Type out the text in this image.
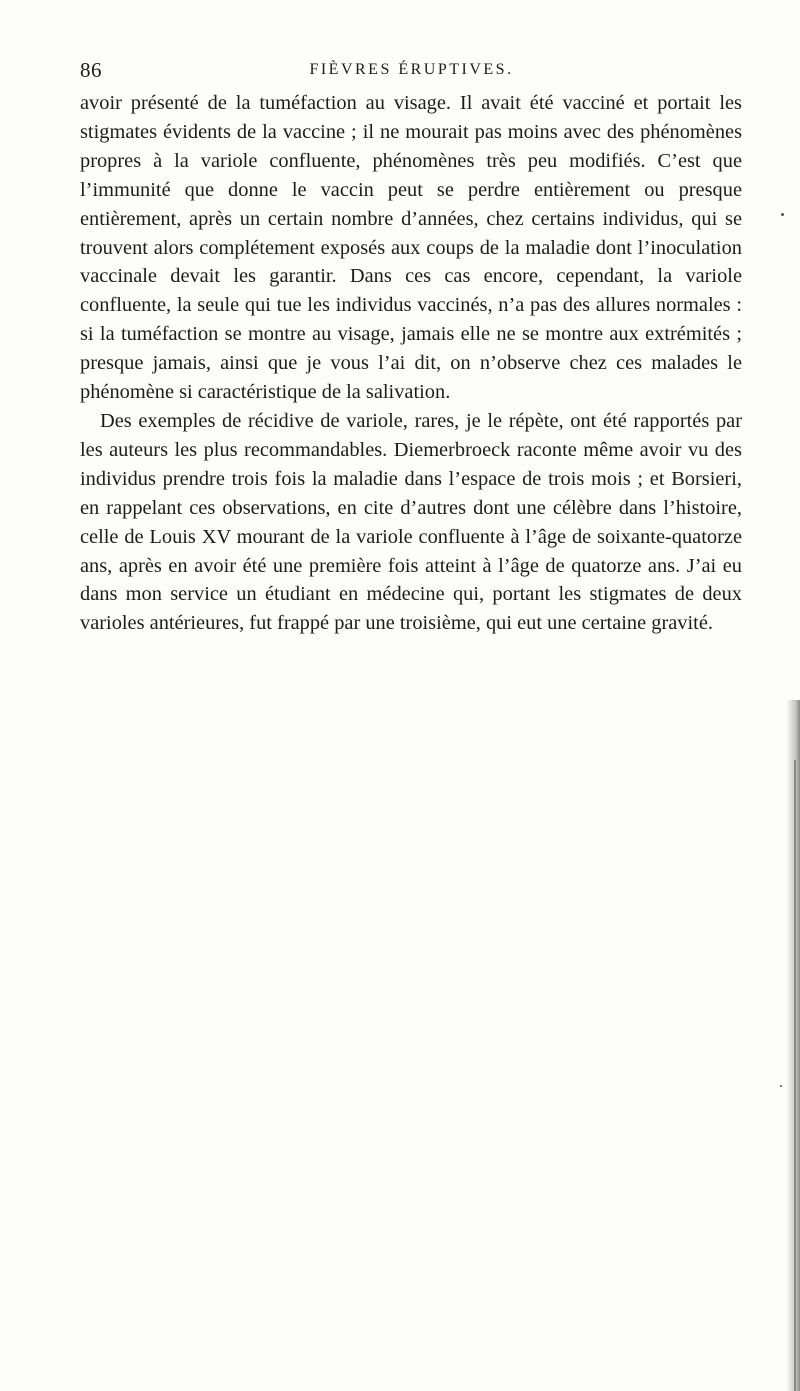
86	FIÈVRES ÉRUPTIVES.

avoir présenté de la tuméfaction au visage. Il avait été vacciné et portait les stigmates évidents de la vaccine ; il ne mourait pas moins avec des phénomènes propres à la variole confluente, phénomènes très peu modifiés. C’est que l’immunité que donne le vaccin peut se perdre entièrement ou presque entièrement, après un certain nombre d’années, chez certains individus, qui se trouvent alors complétement exposés aux coups de la maladie dont l’inoculation vaccinale devait les garantir. Dans ces cas encore, cependant, la variole confluente, la seule qui tue les individus vaccinés, n’a pas des allures normales : si la tuméfaction se montre au visage, jamais elle ne se montre aux extrémités ; presque jamais, ainsi que je vous l’ai dit, on n’observe chez ces malades le phénomène si caractéristique de la salivation.

Des exemples de récidive de variole, rares, je le répète, ont été rapportés par les auteurs les plus recommandables. Diemerbroeck raconte même avoir vu des individus prendre trois fois la maladie dans l’espace de trois mois ; et Borsieri, en rappelant ces observations, en cite d’autres dont une célèbre dans l’histoire, celle de Louis XV mourant de la variole confluente à l’âge de soixante-quatorze ans, après en avoir été une première fois atteint à l’âge de quatorze ans. J’ai eu dans mon service un étudiant en médecine qui, portant les stigmates de deux varioles antérieures, fut frappé par une troisième, qui eut une certaine gravité.
